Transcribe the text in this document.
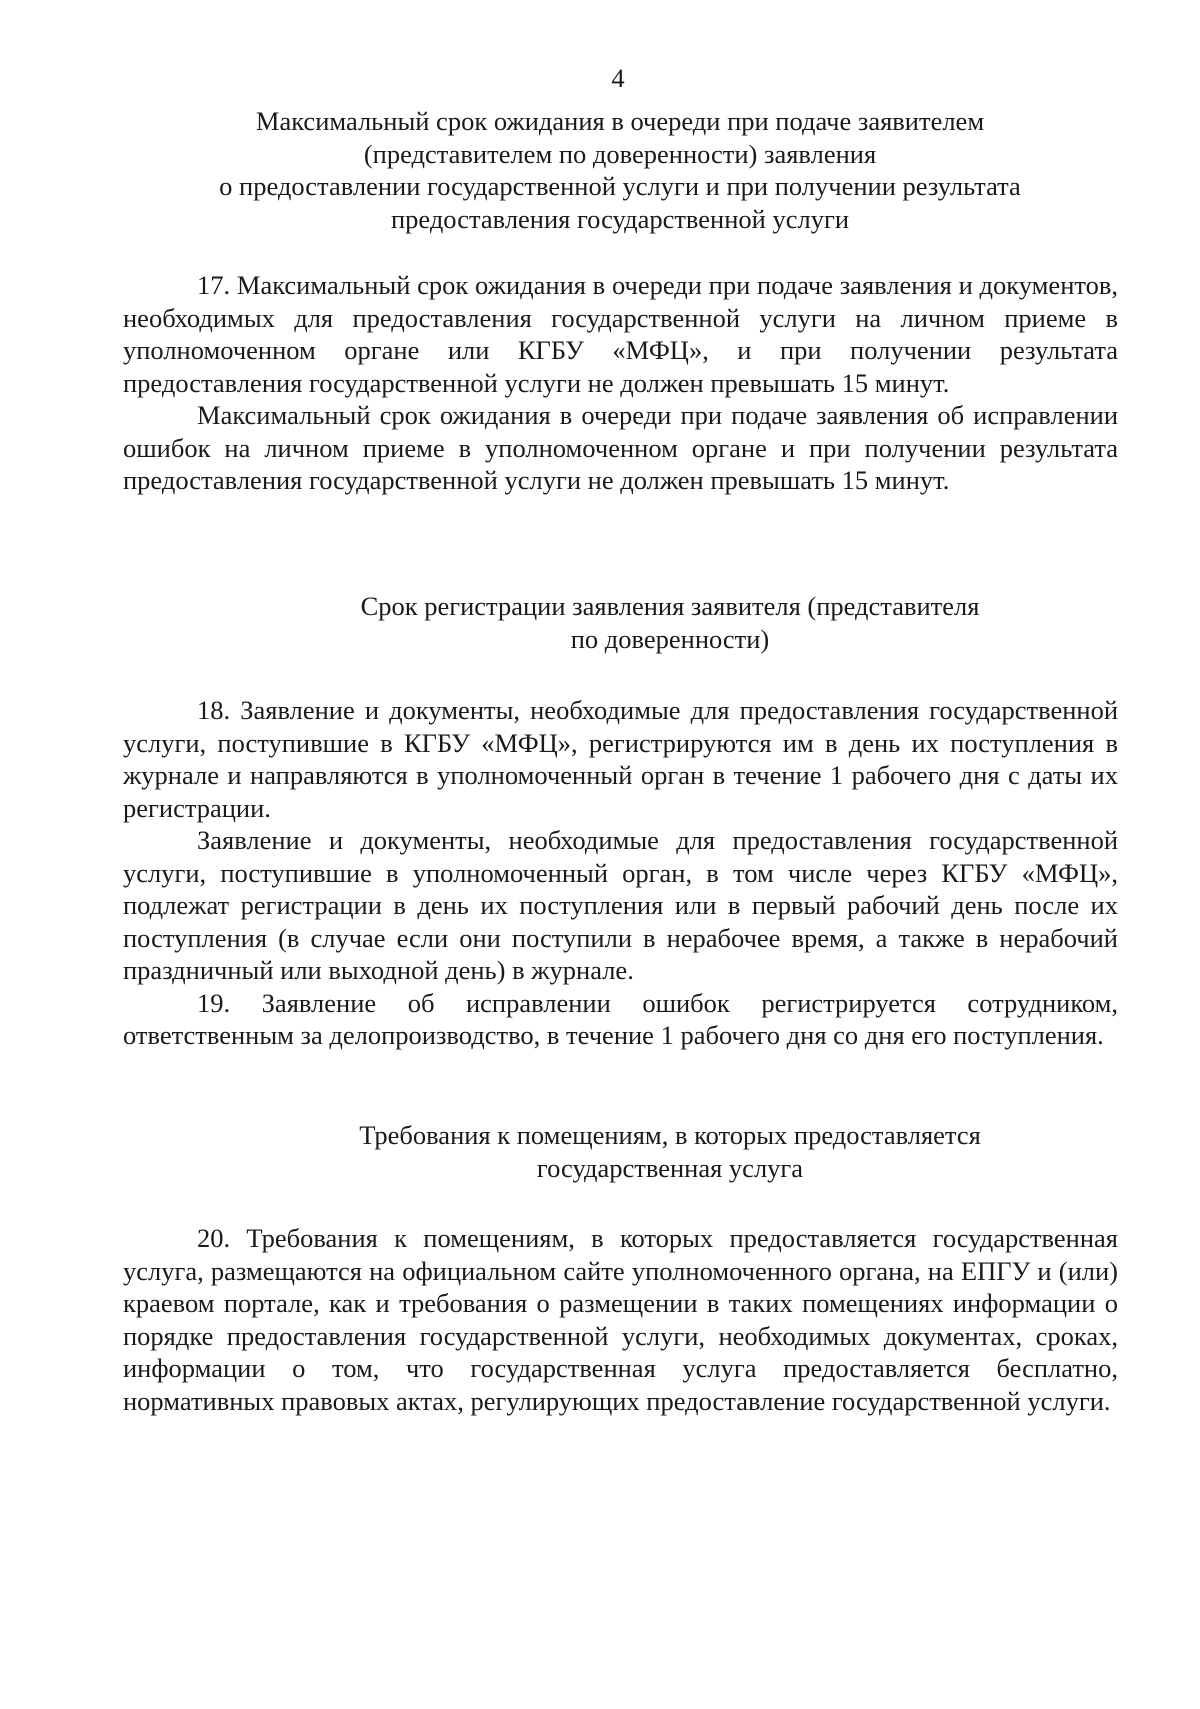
4

Максимальный срок ожидания в очереди при подаче заявителем
(представителем по доверенности) заявления
о предоставлении государственной услуги и при получении результата
предоставления государственной услуги

17. Максимальный срок ожидания в очереди при подаче заявления и документов, необходимых для предоставления государственной услуги на личном приеме в уполномоченном органе или КГБУ «МФЦ», и при получении результата предоставления государственной услуги не должен превышать 15 минут.

Максимальный срок ожидания в очереди при подаче заявления об исправлении ошибок на личном приеме в уполномоченном органе и при получении результата предоставления государственной услуги не должен превышать 15 минут.

Срок регистрации заявления заявителя (представителя
по доверенности)

18. Заявление и документы, необходимые для предоставления государственной услуги, поступившие в КГБУ «МФЦ», регистрируются им в день их поступления в журнале и направляются в уполномоченный орган в течение 1 рабочего дня с даты их регистрации.

Заявление и документы, необходимые для предоставления государственной услуги, поступившие в уполномоченный орган, в том числе через КГБУ «МФЦ», подлежат регистрации в день их поступления или в первый рабочий день после их поступления (в случае если они поступили в нерабочее время, а также в нерабочий праздничный или выходной день) в журнале.

19. Заявление об исправлении ошибок регистрируется сотрудником, ответственным за делопроизводство, в течение 1 рабочего дня со дня его поступления.

Требования к помещениям, в которых предоставляется
государственная услуга

20. Требования к помещениям, в которых предоставляется государственная услуга, размещаются на официальном сайте уполномоченного органа, на ЕПГУ и (или) краевом портале, как и требования о размещении в таких помещениях информации о порядке предоставления государственной услуги, необходимых документах, сроках, информации о том, что государственная услуга предоставляется бесплатно, нормативных правовых актах, регулирующих предоставление государственной услуги.
